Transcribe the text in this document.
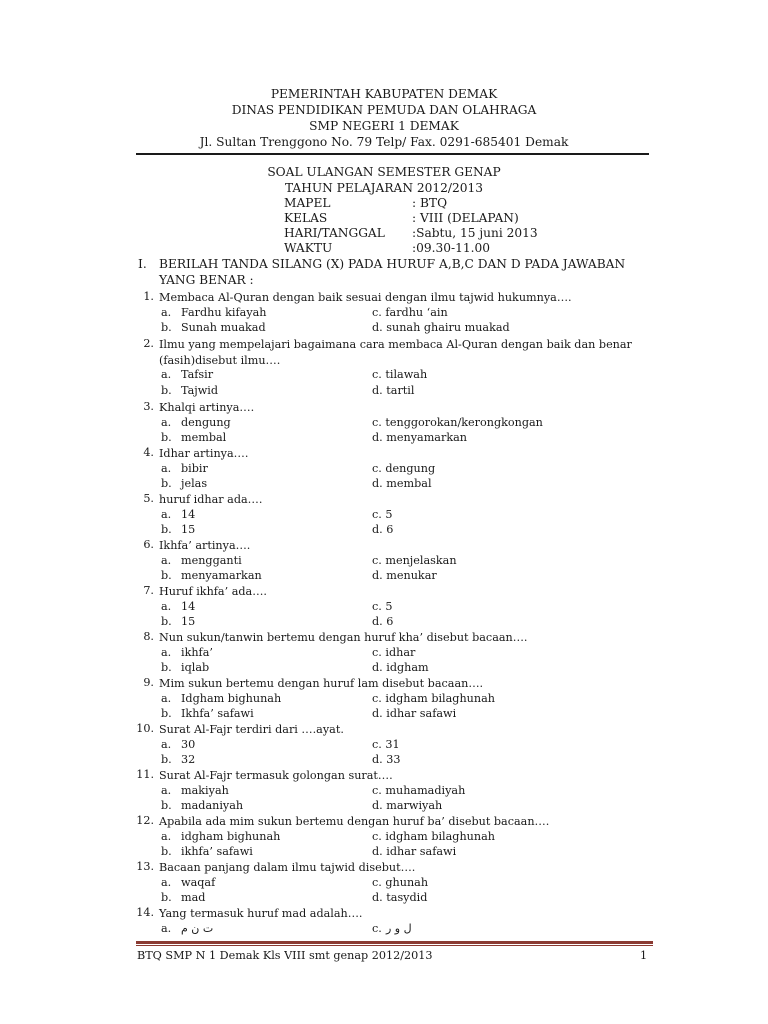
PEMERINTAH KABUPATEN DEMAK
DINAS PENDIDIKAN PEMUDA DAN OLAHRAGA
SMP NEGERI 1 DEMAK
Jl. Sultan Trenggono No. 79 Telp/ Fax. 0291-685401 Demak
SOAL ULANGAN SEMESTER GENAP
TAHUN PELAJARAN 2012/2013
MAPEL	: BTQ
KELAS	: VIII (DELAPAN)
HARI/TANGGAL :Sabtu, 15 juni 2013
WAKTU	:09.30-11.00
I. BERILAH TANDA SILANG (X) PADA HURUF A,B,C DAN D PADA JAWABAN YANG BENAR :
1. Membaca Al-Quran dengan baik sesuai dengan ilmu tajwid hukumnya….
a. Fardhu kifayah	c. fardhu ‘ain
b. Sunah muakad	d. sunah ghairu muakad
2. Ilmu yang mempelajari bagaimana cara membaca Al-Quran dengan baik dan benar (fasih)disebut ilmu….
a. Tafsir	c. tilawah
b. Tajwid	d. tartil
3. Khalqi artinya….
a. dengung	c. tenggorokan/kerongkongan
b. membal	d. menyamarkan
4. Idhar artinya….
a. bibir	c. dengung
b. jelas	d. membal
5. huruf idhar ada….
a. 14	c. 5
b. 15	d. 6
6. Ikhfa’ artinya….
a. mengganti	c. menjelaskan
b. menyamarkan	d. menukar
7. Huruf ikhfa’ ada….
a. 14	c. 5
b. 15	d. 6
8. Nun sukun/tanwin bertemu dengan huruf kha’ disebut bacaan….
a. ikhfa’	c. idhar
b. iqlab	d. idgham
9. Mim sukun bertemu dengan huruf lam disebut bacaan….
a. Idgham bighunah	c. idgham bilaghunah
b. Ikhfa’ safawi	d. idhar safawi
10. Surat Al-Fajr terdiri dari ….ayat.
a. 30	c. 31
b. 32	d. 33
11. Surat Al-Fajr termasuk golongan surat….
a. makiyah	c. muhamadiyah
b. madaniyah	d. marwiyah
12. Apabila ada mim sukun bertemu dengan huruf ba’ disebut bacaan….
a. idgham bighunah	c. idgham bilaghunah
b. ikhfa’ safawi	d. idhar safawi
13. Bacaan panjang dalam ilmu tajwid disebut….
a. waqaf	c. ghunah
b. mad	d. tasydid
14. Yang termasuk huruf mad adalah….
a. ت ن م	c. ل و ر
BTQ SMP N 1 Demak Kls VIII smt genap 2012/2013	1
